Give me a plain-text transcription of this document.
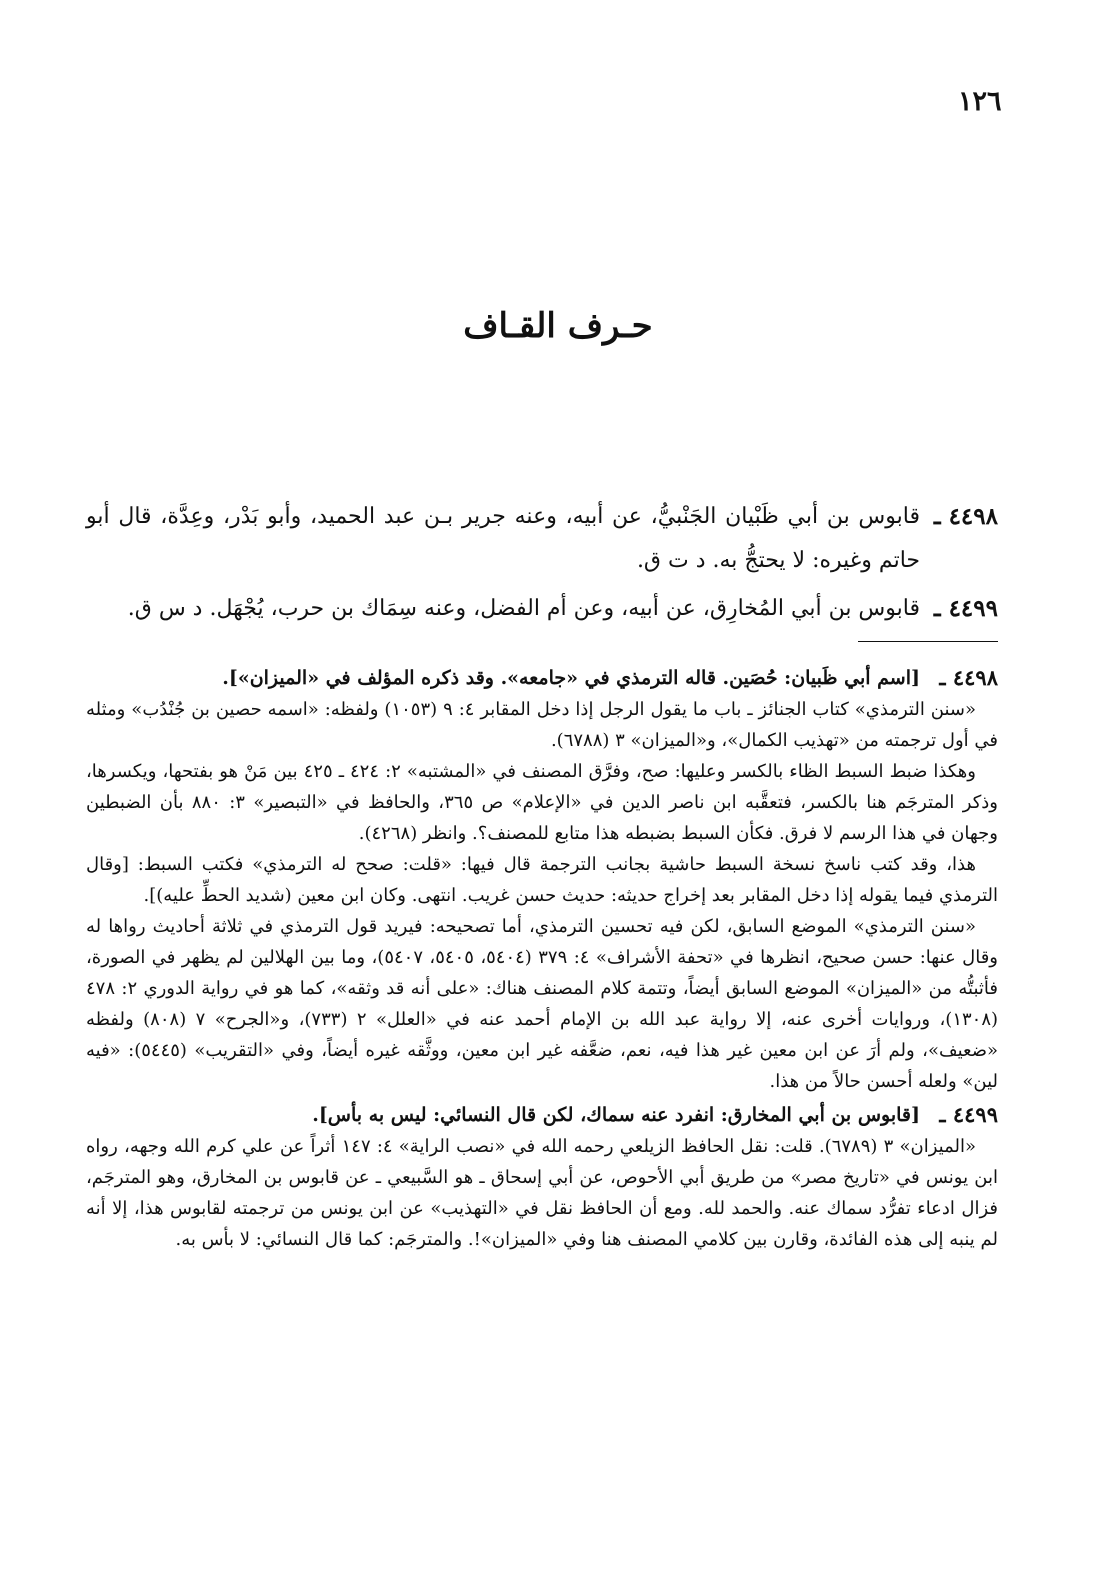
١٢٦
حـرف القـاف

٤٤٩٨ ـ
قابوس بن أبي ظَبْيان الجَنْبيُّ، عن أبيه، وعنه جرير بـن عبد الحميد، وأبو بَدْر، وعِدَّة، قال أبو حاتم وغيره: لا يحتجُّ به. د ت ق.

٤٤٩٩ ـ
قابوس بن أبي المُخارِق، عن أبيه، وعن أم الفضل، وعنه سِمَاك بن حرب، يُجْهَل. د س ق.

٤٤٩٨ ـ
[اسم أبي ظَبيان: حُصَين. قاله الترمذي في «جامعه». وقد ذكره المؤلف في «الميزان»].

«سنن الترمذي» كتاب الجنائز ـ باب ما يقول الرجل إذا دخل المقابر ٤: ٩ (١٠٥٣) ولفظه: «اسمه حصين بن جُنْدُب» ومثله في أول ترجمته من «تهذيب الكمال»، و«الميزان» ٣ (٦٧٨٨).

وهكذا ضبط السبط الظاء بالكسر وعليها: صح، وفرَّق المصنف في «المشتبه» ٢: ٤٢٤ ـ ٤٢٥ بين مَنْ هو بفتحها، ويكسرها، وذكر المترجَم هنا بالكسر، فتعقَّبه ابن ناصر الدين في «الإعلام» ص ٣٦٥، والحافظ في «التبصير» ٣: ٨٨٠ بأن الضبطين وجهان في هذا الرسم لا فرق. فكأن السبط بضبطه هذا متابع للمصنف؟. وانظر (٤٢٦٨).

هذا، وقد كتب ناسخ نسخة السبط حاشية بجانب الترجمة قال فيها: «قلت: صحح له الترمذي» فكتب السبط: [وقال الترمذي فيما يقوله إذا دخل المقابر بعد إخراج حديثه: حديث حسن غريب. انتهى. وكان ابن معين (شديد الحطِّ عليه)].

«سنن الترمذي» الموضع السابق، لكن فيه تحسين الترمذي، أما تصحيحه: فيريد قول الترمذي في ثلاثة أحاديث رواها له وقال عنها: حسن صحيح، انظرها في «تحفة الأشراف» ٤: ٣٧٩ (٥٤٠٤، ٥٤٠٥، ٥٤٠٧)، وما بين الهلالين لم يظهر في الصورة، فأثبتُّه من «الميزان» الموضع السابق أيضاً، وتتمة كلام المصنف هناك: «على أنه قد وثقه»، كما هو في رواية الدوري ٢: ٤٧٨ (١٣٠٨)، وروايات أخرى عنه، إلا رواية عبد الله بن الإمام أحمد عنه في «العلل» ٢ (٧٣٣)، و«الجرح» ٧ (٨٠٨) ولفظه «ضعيف»، ولم أرَ عن ابن معين غير هذا فيه، نعم، ضعَّفه غير ابن معين، ووثَّقه غيره أيضاً، وفي «التقريب» (٥٤٤٥): «فيه لين» ولعله أحسن حالاً من هذا.

٤٤٩٩ ـ
[قابوس بن أبي المخارق: انفرد عنه سماك، لكن قال النسائي: ليس به بأس].

«الميزان» ٣ (٦٧٨٩). قلت: نقل الحافظ الزيلعي رحمه الله في «نصب الراية» ٤: ١٤٧ أثراً عن علي كرم الله وجهه، رواه ابن يونس في «تاريخ مصر» من طريق أبي الأحوص، عن أبي إسحاق ـ هو السَّبيعي ـ عن قابوس بن المخارق، وهو المترجَم، فزال ادعاء تفرُّد سماك عنه. والحمد لله. ومع أن الحافظ نقل في «التهذيب» عن ابن يونس من ترجمته لقابوس هذا، إلا أنه لم ينبه إلى هذه الفائدة، وقارن بين كلامي المصنف هنا وفي «الميزان»!. والمترجَم: كما قال النسائي: لا بأس به.
